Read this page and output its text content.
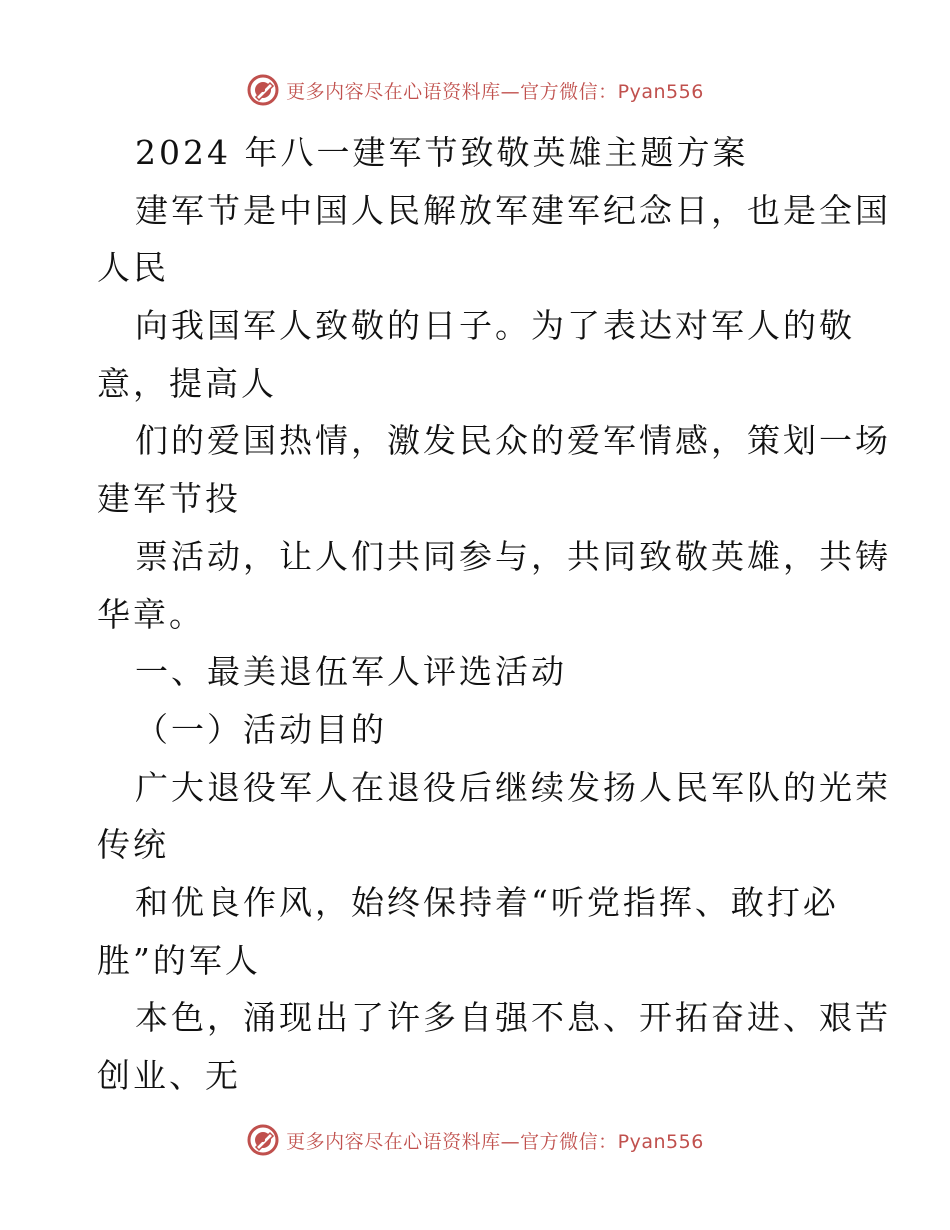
更多内容尽在心语资料库—官方微信：Pyan556
2024 年八一建军节致敬英雄主题方案
建军节是中国人民解放军建军纪念日，也是全国
人民
向我国军人致敬的日子。为了表达对军人的敬
意，提高人
们的爱国热情，激发民众的爱军情感，策划一场
建军节投
票活动，让人们共同参与，共同致敬英雄，共铸
华章。
一、最美退伍军人评选活动
（一）活动目的
广大退役军人在退役后继续发扬人民军队的光荣
传统
和优良作风，始终保持着“听党指挥、敢打必
胜”的军人
本色，涌现出了许多自强不息、开拓奋进、艰苦
创业、无
更多内容尽在心语资料库—官方微信：Pyan556
